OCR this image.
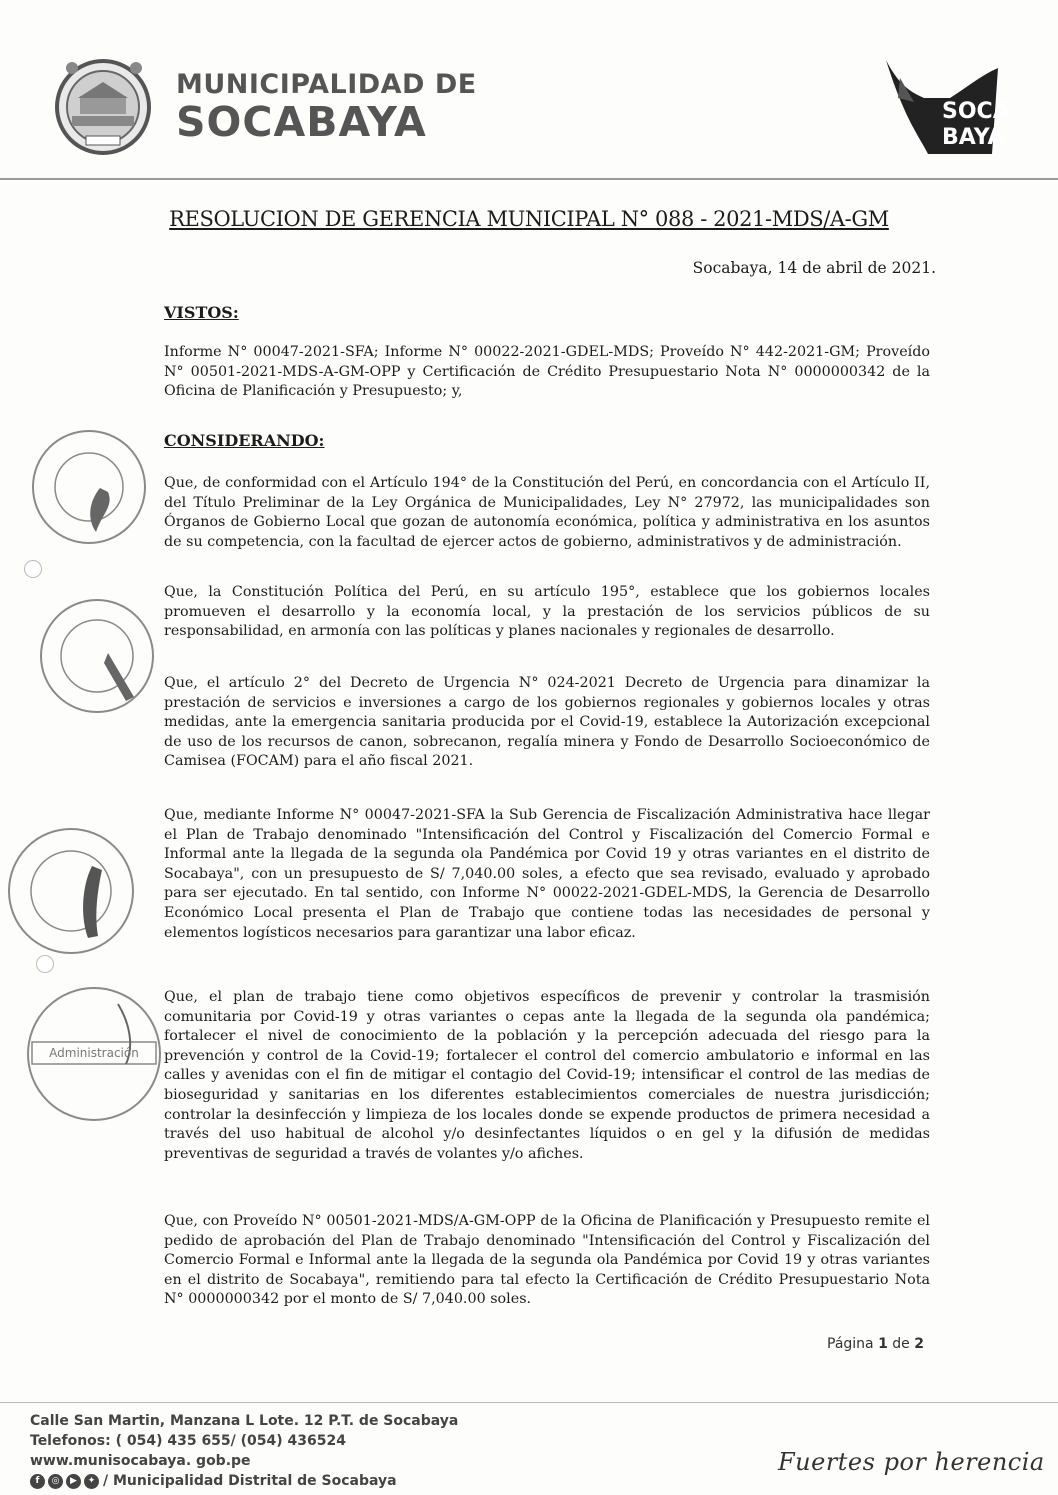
MUNICIPALIDAD DE
SOCABAYA	SOCA
BAYA
RESOLUCION DE GERENCIA MUNICIPAL N° 088 - 2021-MDS/A-GM
Socabaya, 14 de abril de 2021.
VISTOS:

Informe N° 00047-2021-SFA; Informe N° 00022-2021-GDEL-MDS; Proveído N° 442-2021-GM; Proveído N° 00501-2021-MDS-A-GM-OPP y Certificación de Crédito Presupuestario Nota N° 0000000342 de la Oficina de Planificación y Presupuesto; y,

CONSIDERANDO:

Que, de conformidad con el Artículo 194° de la Constitución del Perú, en concordancia con el Artículo II, del Título Preliminar de la Ley Orgánica de Municipalidades, Ley N° 27972, las municipalidades son Órganos de Gobierno Local que gozan de autonomía económica, política y administrativa en los asuntos de su competencia, con la facultad de ejercer actos de gobierno, administrativos y de administración.

Que, la Constitución Política del Perú, en su artículo 195°, establece que los gobiernos locales promueven el desarrollo y la economía local, y la prestación de los servicios públicos de su responsabilidad, en armonía con las políticas y planes nacionales y regionales de desarrollo.

Que, el artículo 2° del Decreto de Urgencia N° 024-2021 Decreto de Urgencia para dinamizar la prestación de servicios e inversiones a cargo de los gobiernos regionales y gobiernos locales y otras medidas, ante la emergencia sanitaria producida por el Covid-19, establece la Autorización excepcional de uso de los recursos de canon, sobrecanon, regalía minera y Fondo de Desarrollo Socioeconómico de Camisea (FOCAM) para el año fiscal 2021.

Que, mediante Informe N° 00047-2021-SFA la Sub Gerencia de Fiscalización Administrativa hace llegar el Plan de Trabajo denominado "Intensificación del Control y Fiscalización del Comercio Formal e Informal ante la llegada de la segunda ola Pandémica por Covid 19 y otras variantes en el distrito de Socabaya", con un presupuesto de S/ 7,040.00 soles, a efecto que sea revisado, evaluado y aprobado para ser ejecutado. En tal sentido, con Informe N° 00022-2021-GDEL-MDS, la Gerencia de Desarrollo Económico Local presenta el Plan de Trabajo que contiene todas las necesidades de personal y elementos logísticos necesarios para garantizar una labor eficaz.

Que, el plan de trabajo tiene como objetivos específicos de prevenir y controlar la trasmisión comunitaria por Covid-19 y otras variantes o cepas ante la llegada de la segunda ola pandémica; fortalecer el nivel de conocimiento de la población y la percepción adecuada del riesgo para la prevención y control de la Covid-19; fortalecer el control del comercio ambulatorio e informal en las calles y avenidas con el fin de mitigar el contagio del Covid-19; intensificar el control de las medias de bioseguridad y sanitarias en los diferentes establecimientos comerciales de nuestra jurisdicción; controlar la desinfección y limpieza de los locales donde se expende productos de primera necesidad a través del uso habitual de alcohol y/o desinfectantes líquidos o en gel y la difusión de medidas preventivas de seguridad a través de volantes y/o afiches.

Que, con Proveído N° 00501-2021-MDS/A-GM-OPP de la Oficina de Planificación y Presupuesto remite el pedido de aprobación del Plan de Trabajo denominado "Intensificación del Control y Fiscalización del Comercio Formal e Informal ante la llegada de la segunda ola Pandémica por Covid 19 y otras variantes en el distrito de Socabaya", remitiendo para tal efecto la Certificación de Crédito Presupuestario Nota N° 0000000342 por el monto de S/ 7,040.00 soles.

Página 1 de 2
Administración
Calle San Martin, Manzana L Lote. 12 P.T. de Socabaya
Telefonos: ( 054) 435 655/ (054) 436524
www.munisocabaya. gob.pe
f	◎	▶	✦ / Municipalidad Distrital de Socabaya
Fuertes por herencia
